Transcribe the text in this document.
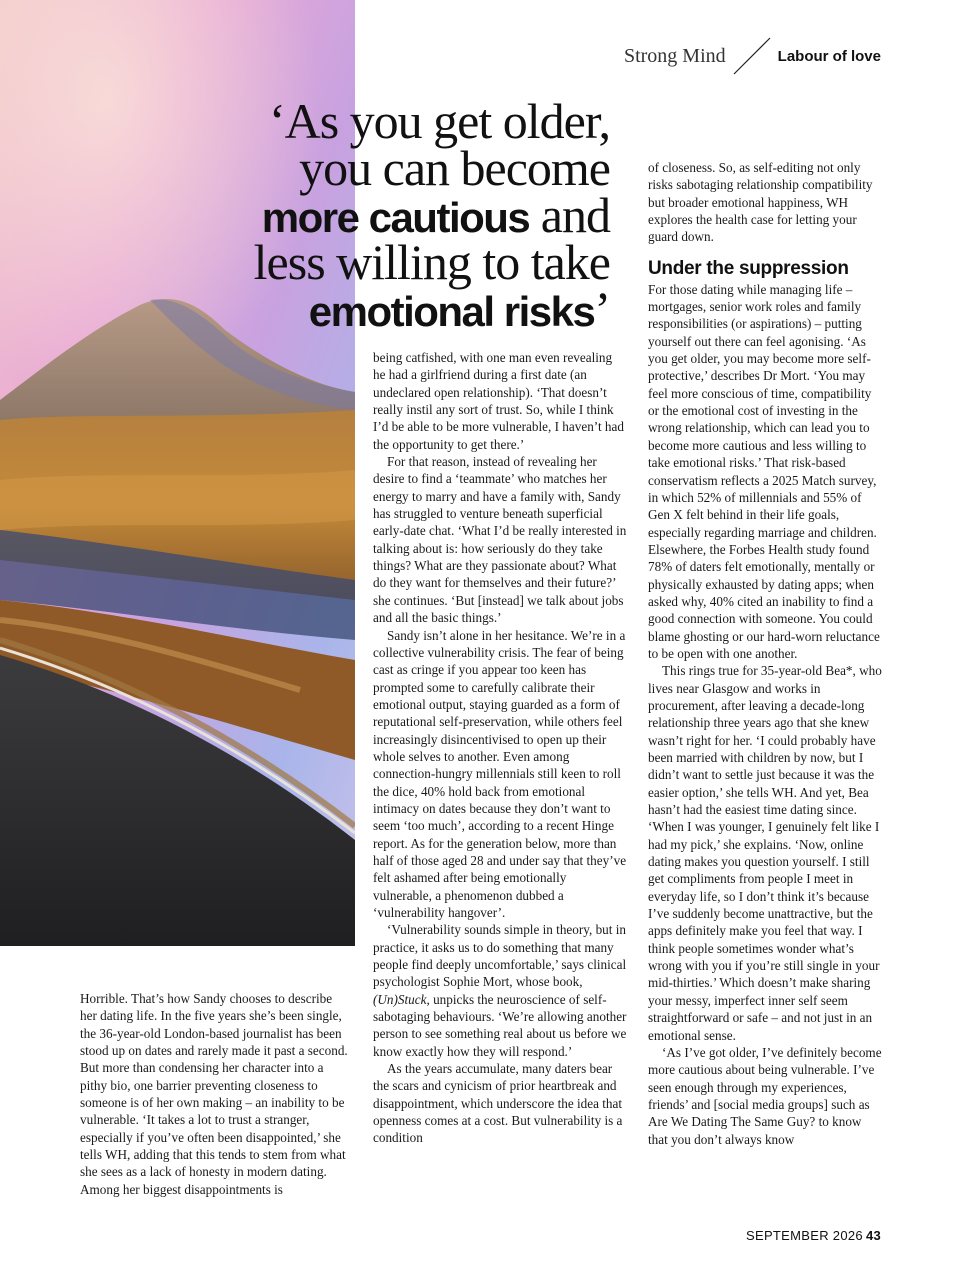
Strong Mind	Labour of love
‘As you get older,
you can become
more cautious and
less willing to take
emotional risks’

Horrible. That’s how Sandy chooses to describe her dating life. In the five years she’s been single, the 36-year-old London-based journalist has been stood up on dates and rarely made it past a second. But more than condensing her character into a pithy bio, one barrier preventing closeness to someone is of her own making – an inability to be vulnerable. ‘It takes a lot to trust a stranger, especially if you’ve often been disappointed,’ she tells WH, adding that this tends to stem from what she sees as a lack of honesty in modern dating. Among her biggest disappointments is

being catfished, with one man even revealing he had a girlfriend during a first date (an undeclared open relationship). ‘That doesn’t really instil any sort of trust. So, while I think I’d be able to be more vulnerable, I haven’t had the opportunity to get there.’

For that reason, instead of revealing her desire to find a ‘teammate’ who matches her energy to marry and have a family with, Sandy has struggled to venture beneath superficial early-date chat. ‘What I’d be really interested in talking about is: how seriously do they take things? What are they passionate about? What do they want for themselves and their future?’ she continues. ‘But [instead] we talk about jobs and all the basic things.’

Sandy isn’t alone in her hesitance. We’re in a collective vulnerability crisis. The fear of being cast as cringe if you appear too keen has prompted some to carefully calibrate their emotional output, staying guarded as a form of reputational self-preservation, while others feel increasingly disincentivised to open up their whole selves to another. Even among connection-hungry millennials still keen to roll the dice, 40% hold back from emotional intimacy on dates because they don’t want to seem ‘too much’, according to a recent Hinge report. As for the generation below, more than half of those aged 28 and under say that they’ve felt ashamed after being emotionally vulnerable, a phenomenon dubbed a ‘vulnerability hangover’.

‘Vulnerability sounds simple in theory, but in practice, it asks us to do something that many people find deeply uncomfortable,’ says clinical psychologist Sophie Mort, whose book, (Un)Stuck, unpicks the neuroscience of self-sabotaging behaviours. ‘We’re allowing another person to see something real about us before we know exactly how they will respond.’

As the years accumulate, many daters bear the scars and cynicism of prior heartbreak and disappointment, which underscore the idea that openness comes at a cost. But vulnerability is a condition

of closeness. So, as self-editing not only risks sabotaging relationship compatibility but broader emotional happiness, WH explores the health case for letting your guard down.

Under the suppression

For those dating while managing life – mortgages, senior work roles and family responsibilities (or aspirations) – putting yourself out there can feel agonising. ‘As you get older, you may become more self-protective,’ describes Dr Mort. ‘You may feel more conscious of time, compatibility or the emotional cost of investing in the wrong relationship, which can lead you to become more cautious and less willing to take emotional risks.’ That risk-based conservatism reflects a 2025 Match survey, in which 52% of millennials and 55% of Gen X felt behind in their life goals, especially regarding marriage and children. Elsewhere, the Forbes Health study found 78% of daters felt emotionally, mentally or physically exhausted by dating apps; when asked why, 40% cited an inability to find a good connection with someone. You could blame ghosting or our hard-worn reluctance to be open with one another.

This rings true for 35-year-old Bea*, who lives near Glasgow and works in procurement, after leaving a decade-long relationship three years ago that she knew wasn’t right for her. ‘I could probably have been married with children by now, but I didn’t want to settle just because it was the easier option,’ she tells WH. And yet, Bea hasn’t had the easiest time dating since. ‘When I was younger, I genuinely felt like I had my pick,’ she explains. ‘Now, online dating makes you question yourself. I still get compliments from people I meet in everyday life, so I don’t think it’s because I’ve suddenly become unattractive, but the apps definitely make you feel that way. I think people sometimes wonder what’s wrong with you if you’re still single in your mid-thirties.’ Which doesn’t make sharing your messy, imperfect inner self seem straightforward or safe – and not just in an emotional sense.

‘As I’ve got older, I’ve definitely become more cautious about being vulnerable. I’ve seen enough through my experiences, friends’ and [social media groups] such as Are We Dating The Same Guy? to know that you don’t always know

SEPTEMBER 2026 43
